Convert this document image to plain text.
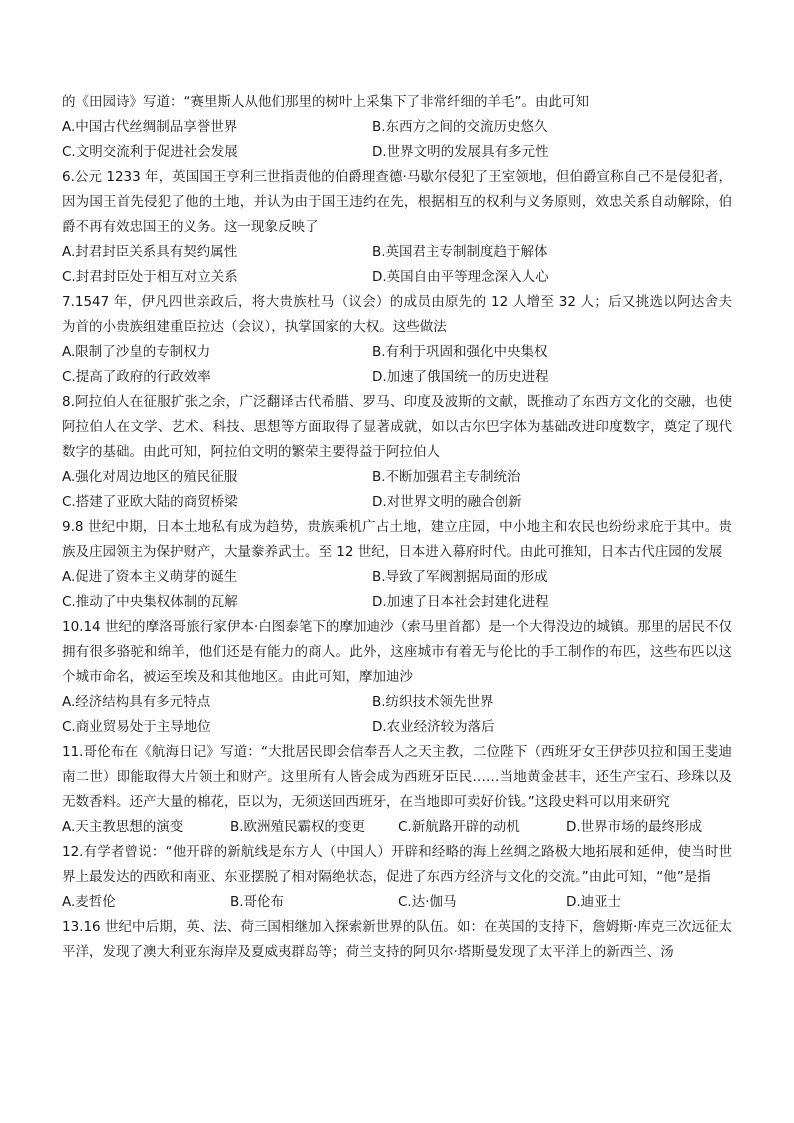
的《田园诗》写道：“赛里斯人从他们那里的树叶上采集下了非常纤细的羊毛”。由此可知

A.中国古代丝绸制品享誉世界	B.东西方之间的交流历史悠久
C.文明交流利于促进社会发展	D.世界文明的发展具有多元性

6.公元 1233 年，英国国王亨利三世指责他的伯爵理查德·马歇尔侵犯了王室领地，但伯爵宣称自己不是侵犯者，因为国王首先侵犯了他的土地，并认为由于国王违约在先，根据相互的权利与义务原则，效忠关系自动解除，伯爵不再有效忠国王的义务。这一现象反映了

A.封君封臣关系具有契约属性	B.英国君主专制制度趋于解体
C.封君封臣处于相互对立关系	D.英国自由平等理念深入人心

7.1547 年，伊凡四世亲政后，将大贵族杜马（议会）的成员由原先的 12 人增至 32 人；后又挑选以阿达舍夫为首的小贵族组建重臣拉达（会议），执掌国家的大权。这些做法

A.限制了沙皇的专制权力	B.有利于巩固和强化中央集权
C.提高了政府的行政效率	D.加速了俄国统一的历史进程

8.阿拉伯人在征服扩张之余，广泛翻译古代希腊、罗马、印度及波斯的文献，既推动了东西方文化的交融，也使阿拉伯人在文学、艺术、科技、思想等方面取得了显著成就，如以古尔巴字体为基础改进印度数字，奠定了现代数字的基础。由此可知，阿拉伯文明的繁荣主要得益于阿拉伯人

A.强化对周边地区的殖民征服	B.不断加强君主专制统治
C.搭建了亚欧大陆的商贸桥梁	D.对世界文明的融合创新

9.8 世纪中期，日本土地私有成为趋势，贵族乘机广占土地，建立庄园，中小地主和农民也纷纷求庇于其中。贵族及庄园领主为保护财产，大量豢养武士。至 12 世纪，日本进入幕府时代。由此可推知，日本古代庄园的发展

A.促进了资本主义萌芽的诞生	B.导致了军阀割据局面的形成
C.推动了中央集权体制的瓦解	D.加速了日本社会封建化进程

10.14 世纪的摩洛哥旅行家伊本·白图泰笔下的摩加迪沙（索马里首都）是一个大得没边的城镇。那里的居民不仅拥有很多骆驼和绵羊，他们还是有能力的商人。此外，这座城市有着无与伦比的手工制作的布匹，这些布匹以这个城市命名，被运至埃及和其他地区。由此可知，摩加迪沙

A.经济结构具有多元特点	B.纺织技术领先世界
C.商业贸易处于主导地位	D.农业经济较为落后

11.哥伦布在《航海日记》写道：“大批居民即会信奉吾人之天主教，二位陛下（西班牙女王伊莎贝拉和国王斐迪南二世）即能取得大片领土和财产。这里所有人皆会成为西班牙臣民……当地黄金甚丰，还生产宝石、珍珠以及无数香料。还产大量的棉花，臣以为，无须送回西班牙，在当地即可卖好价钱。”这段史料可以用来研究

A.天主教思想的演变	B.欧洲殖民霸权的变更	C.新航路开辟的动机	D.世界市场的最终形成

12.有学者曾说：“他开辟的新航线是东方人（中国人）开辟和经略的海上丝绸之路极大地拓展和延伸，使当时世界上最发达的西欧和南亚、东亚摆脱了相对隔绝状态，促进了东西方经济与文化的交流。”由此可知，“他”是指

A.麦哲伦	B.哥伦布	C.达·伽马	D.迪亚士

13.16 世纪中后期，英、法、荷三国相继加入探索新世界的队伍。如：在英国的支持下，詹姆斯·库克三次远征太平洋，发现了澳大利亚东海岸及夏威夷群岛等；荷兰支持的阿贝尔·塔斯曼发现了太平洋上的新西兰、汤
